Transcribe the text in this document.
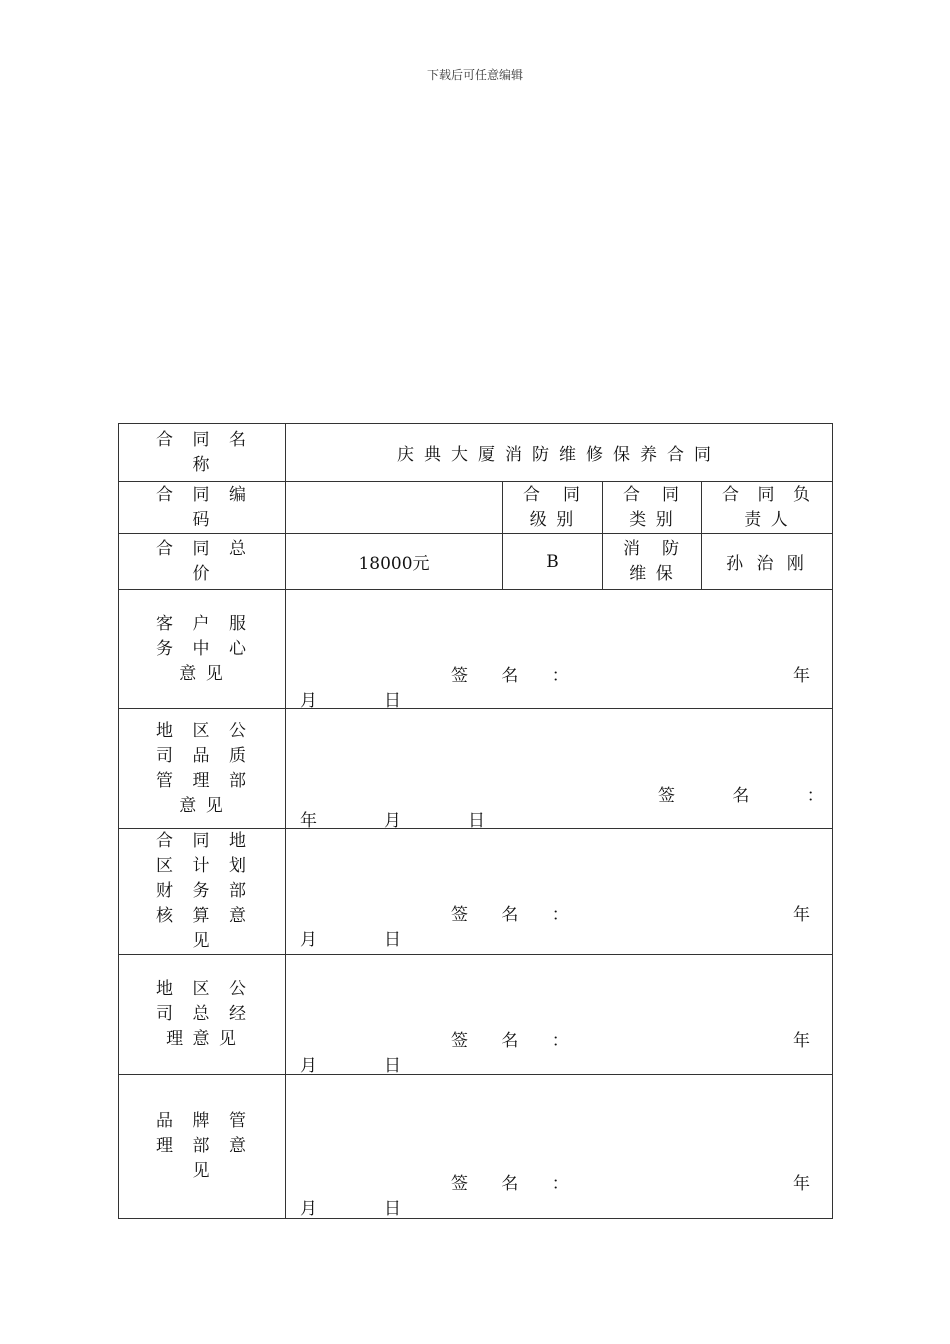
下载后可任意编辑
合 同 名 称	庆典大厦消防维修保养合同			

合 同 编 码		合 同 级 别	合 同 类 别	合 同 负 责 人

合 同 总 价	18000元	B	消 防 维 保	孙 治 刚

客 户 服 务 中 心 意 见	签 名 ： 年
月 日			

地 区 公 司 品 质 管 理 部 意 见	签 名 ：
年 月 日			

合 同 地 区 计 划 财 务 部 核 算 意 见	签 名 ： 年
月 日			

地 区 公 司 总 经 理 意 见	签 名 ： 年
月 日			

品 牌 管 理 部 意 见	签 名 ： 年
月 日			
